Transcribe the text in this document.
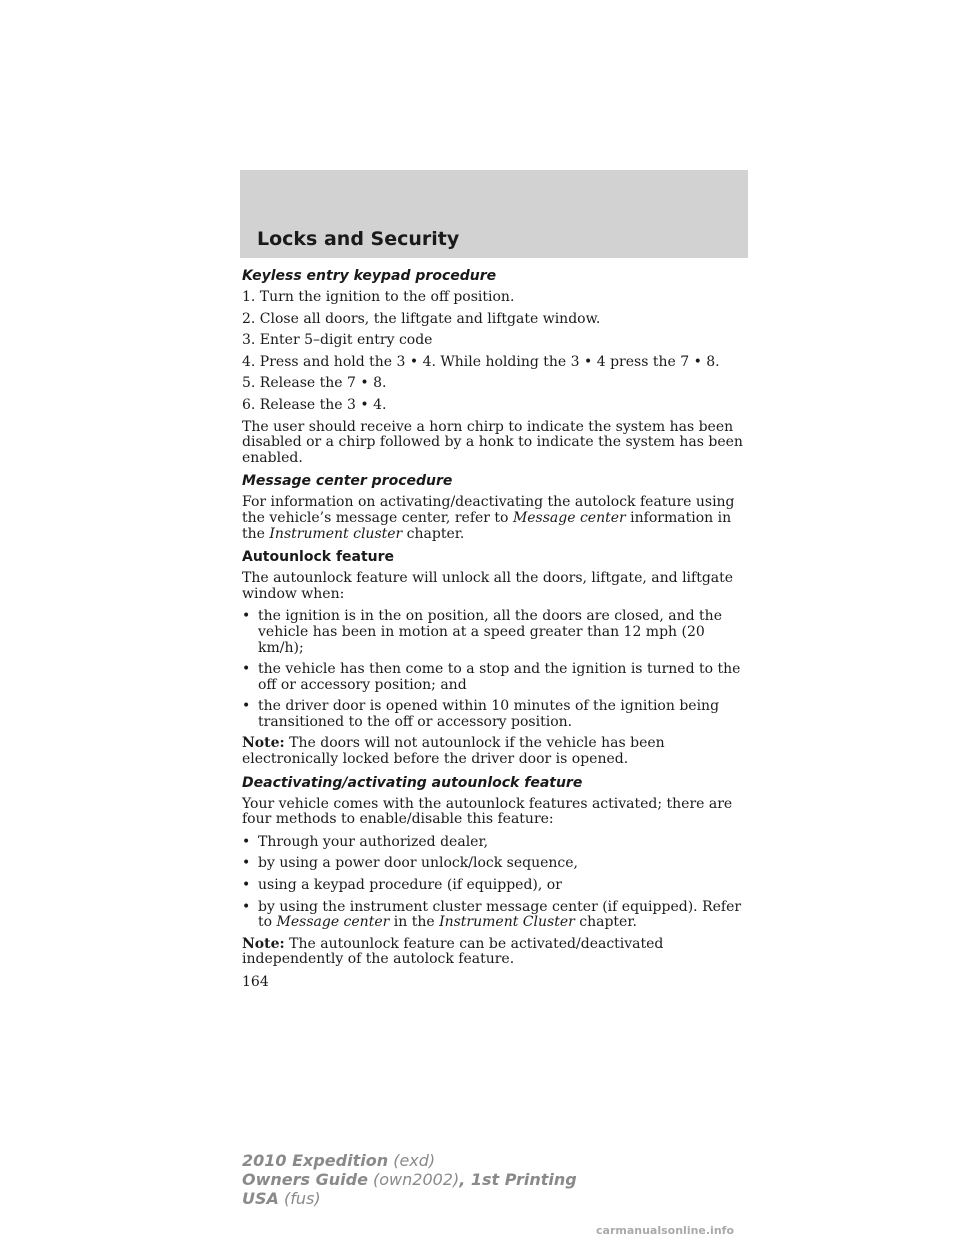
Locks and Security

Keyless entry keypad procedure

1. Turn the ignition to the off position.

2. Close all doors, the liftgate and liftgate window.

3. Enter 5–digit entry code

4. Press and hold the 3 • 4. While holding the 3 • 4 press the 7 • 8.

5. Release the 7 • 8.

6. Release the 3 • 4.

The user should receive a horn chirp to indicate the system has been disabled or a chirp followed by a honk to indicate the system has been enabled.

Message center procedure

For information on activating/deactivating the autolock feature using the vehicle’s message center, refer to Message center information in the Instrument cluster chapter.

Autounlock feature

The autounlock feature will unlock all the doors, liftgate, and liftgate window when:

• the ignition is in the on position, all the doors are closed, and the vehicle has been in motion at a speed greater than 12 mph (20 km/h);

• the vehicle has then come to a stop and the ignition is turned to the off or accessory position; and

• the driver door is opened within 10 minutes of the ignition being transitioned to the off or accessory position.

Note: The doors will not autounlock if the vehicle has been electronically locked before the driver door is opened.

Deactivating/activating autounlock feature

Your vehicle comes with the autounlock features activated; there are four methods to enable/disable this feature:

• Through your authorized dealer,

• by using a power door unlock/lock sequence,

• using a keypad procedure (if equipped), or

• by using the instrument cluster message center (if equipped). Refer to Message center in the Instrument Cluster chapter.

Note: The autounlock feature can be activated/deactivated independently of the autolock feature.

164

2010 Expedition (exd)
Owners Guide (own2002), 1st Printing
USA (fus)
carmanualsonline.info
